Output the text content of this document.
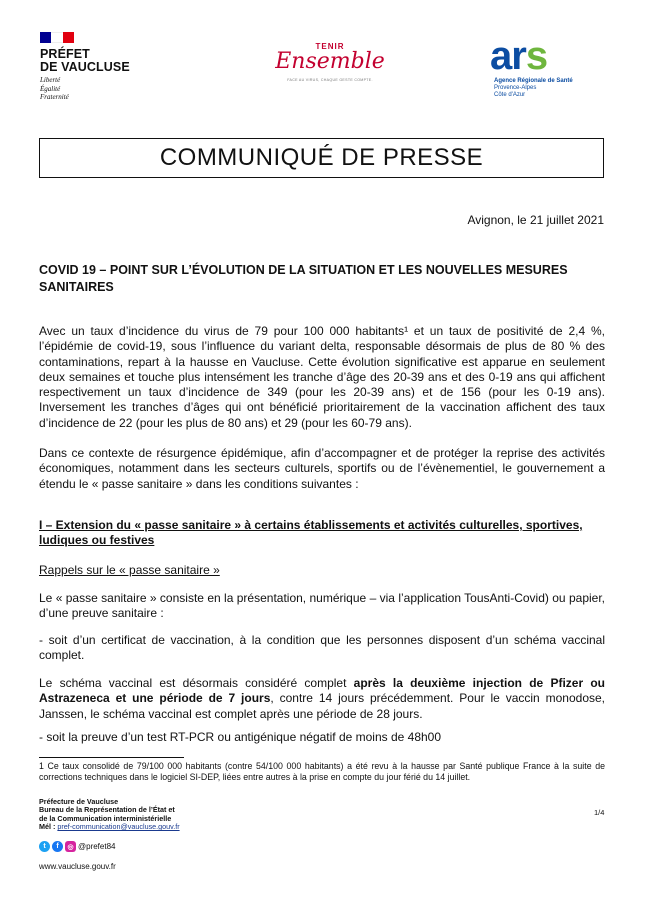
PRÉFET
DE VAUCLUSE
Liberté
Égalité
Fraternité
TENIR
Ensemble
FACE AU VIRUS, CHAQUE GESTE COMPTE.
ars
Agence Régionale de Santé
Provence-Alpes
Côte d'Azur
COMMUNIQUÉ DE PRESSE
Avignon, le 21 juillet 2021
COVID 19 – POINT SUR L’ÉVOLUTION DE LA SITUATION ET LES NOUVELLES MESURES SANITAIRES
Avec un taux d’incidence du virus de 79 pour 100 000 habitants¹ et un taux de positivité de 2,4 %, l’épidémie de covid-19, sous l’influence du variant delta, responsable désormais de plus de 80 % des contaminations, repart à la hausse en Vaucluse. Cette évolution significative est apparue en seulement deux semaines et touche plus intensément les tranche d’âge des 20-39 ans et des 0-19 ans qui affichent respectivement un taux d’incidence de 349 (pour les 20-39 ans) et de 156 (pour les 0-19 ans). Inversement les tranches d’âges qui ont bénéficié prioritairement de la vaccination affichent des taux d’incidence de 22 (pour les plus de 80 ans) et 29 (pour les 60-79 ans).
Dans ce contexte de résurgence épidémique, afin d’accompagner et de protéger la reprise des activités économiques, notamment dans les secteurs culturels, sportifs ou de l’évènementiel, le gouvernement a étendu le « passe sanitaire » dans les conditions suivantes :
I – Extension du « passe sanitaire » à certains établissements et activités culturelles, sportives, ludiques ou festives
Rappels sur le « passe sanitaire »
Le « passe sanitaire » consiste en la présentation, numérique – via l’application TousAnti-Covid) ou papier, d’une preuve sanitaire :
- soit d’un certificat de vaccination, à la condition que les personnes disposent d’un schéma vaccinal complet.
Le schéma vaccinal est désormais considéré complet après la deuxième injection de Pfizer ou Astrazeneca et une période de 7 jours, contre 14 jours précédemment. Pour le vaccin monodose, Janssen, le schéma vaccinal est complet après une période de 28 jours.
- soit la preuve d’un test RT-PCR ou antigénique négatif de moins de 48h00
1 Ce taux consolidé de 79/100 000 habitants (contre 54/100 000 habitants) a été revu à la hausse par Santé publique France à la suite de corrections techniques dans le logiciel SI-DEP, liées entre autres à la prise en compte du jour férié du 14 juillet.
Préfecture de Vaucluse
Bureau de la Représentation de l’État et
de la Communication interministérielle
Mél : pref-communication@vaucluse.gouv.fr
1/4
t	f	◎ @prefet84
www.vaucluse.gouv.fr
